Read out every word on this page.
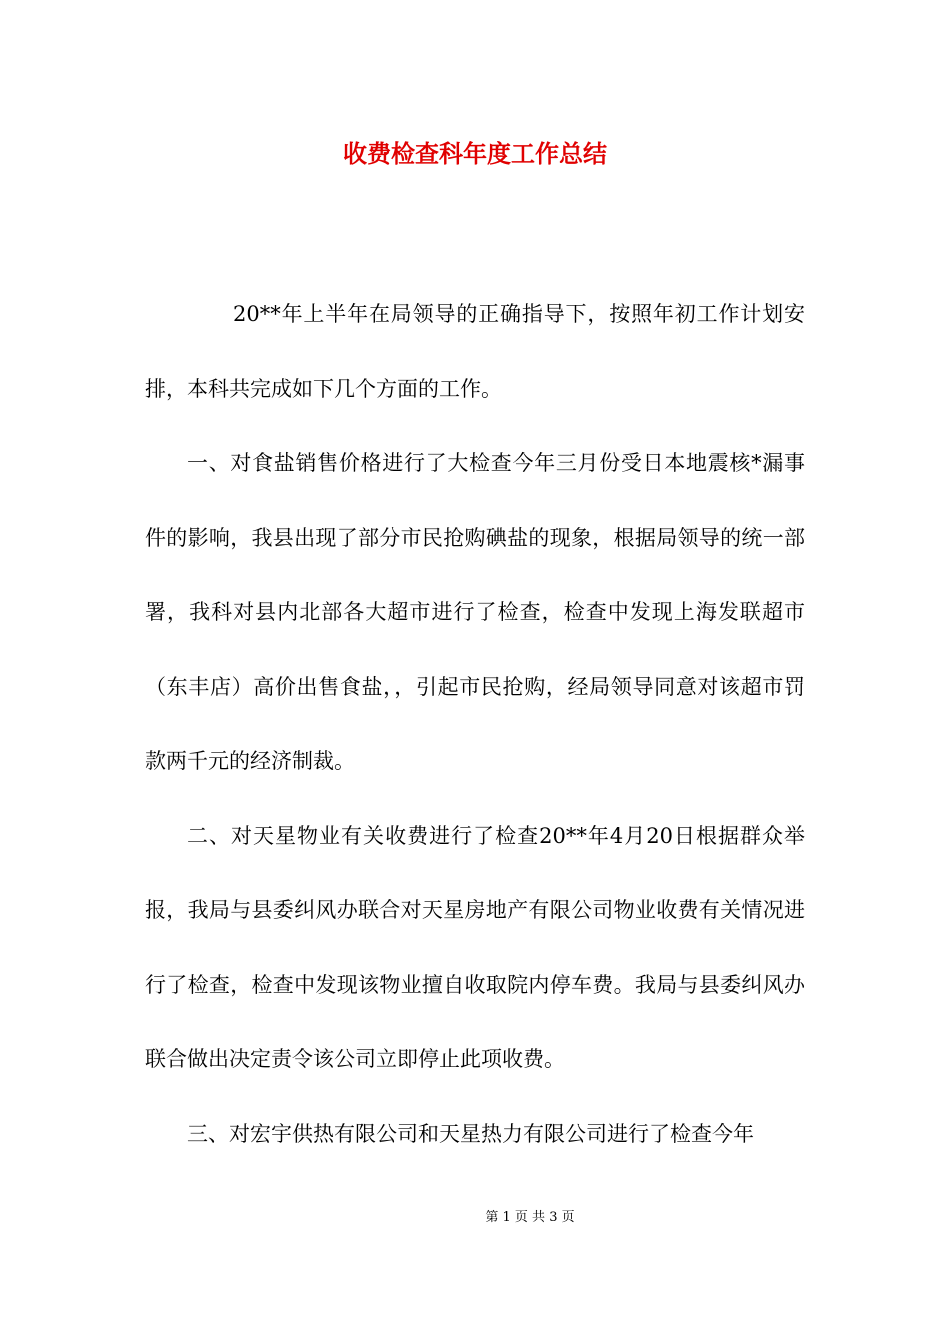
收费检查科年度工作总结

20**年上半年在局领导的正确指导下，按照年初工作计划安排，本科共完成如下几个方面的工作。

一、对食盐销售价格进行了大检查今年三月份受日本地震核*漏事件的影响，我县出现了部分市民抢购碘盐的现象，根据局领导的统一部署，我科对县内北部各大超市进行了检查，检查中发现上海发联超市（东丰店）高价出售食盐，，引起市民抢购，经局领导同意对该超市罚款两千元的经济制裁。

二、对天星物业有关收费进行了检查20**年4月20日根据群众举报，我局与县委纠风办联合对天星房地产有限公司物业收费有关情况进行了检查，检查中发现该物业擅自收取院内停车费。我局与县委纠风办联合做出决定责令该公司立即停止此项收费。

三、对宏宇供热有限公司和天星热力有限公司进行了检查今年

第 1 页 共 3 页
